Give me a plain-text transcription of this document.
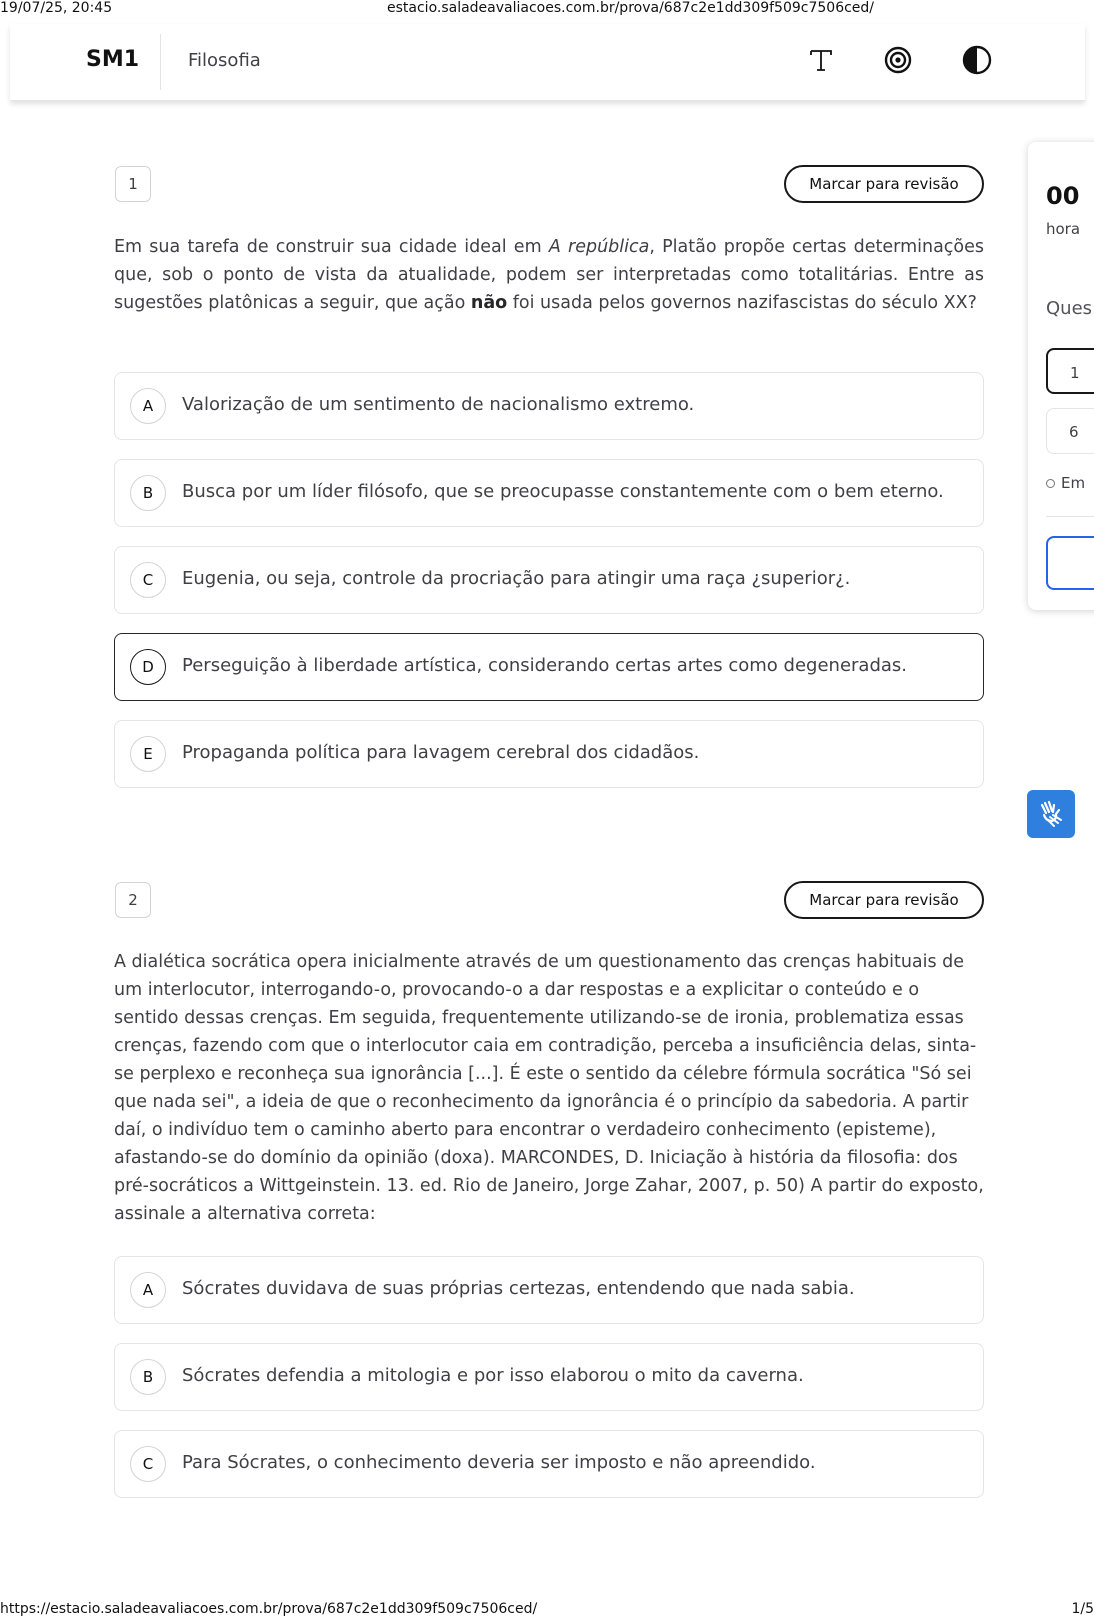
19/07/25, 20:45	estacio.saladeavaliacoes.com.br/prova/687c2e1dd309f509c7506ced/
SM1	Filosofia
00
hora
Ques
1
6
Em
1	Marcar para revisão
Em sua tarefa de construir sua cidade ideal em A república, Platão propõe certas determinações que, sob o ponto de vista da atualidade, podem ser interpretadas como totalitárias. Entre as sugestões platônicas a seguir, que ação não foi usada pelos governos nazifascistas do século XX?
A	Valorização de um sentimento de nacionalismo extremo.
B	Busca por um líder filósofo, que se preocupasse constantemente com o bem eterno.
C	Eugenia, ou seja, controle da procriação para atingir uma raça ¿superior¿.
D	Perseguição à liberdade artística, considerando certas artes como degeneradas.
E	Propaganda política para lavagem cerebral dos cidadãos.
2	Marcar para revisão
A dialética socrática opera inicialmente através de um questionamento das crenças habituais de um interlocutor, interrogando-o, provocando-o a dar respostas e a explicitar o conteúdo e o sentido dessas crenças. Em seguida, frequentemente utilizando-se de ironia, problematiza essas crenças, fazendo com que o interlocutor caia em contradição, perceba a insuficiência delas, sinta-se perplexo e reconheça sua ignorância [...]. É este o sentido da célebre fórmula socrática "Só sei que nada sei", a ideia de que o reconhecimento da ignorância é o princípio da sabedoria. A partir daí, o indivíduo tem o caminho aberto para encontrar o verdadeiro conhecimento (episteme), afastando-se do domínio da opinião (doxa). MARCONDES, D. Iniciação à história da filosofia: dos pré-socráticos a Wittgeinstein. 13. ed. Rio de Janeiro, Jorge Zahar, 2007, p. 50) A partir do exposto, assinale a alternativa correta:
A	Sócrates duvidava de suas próprias certezas, entendendo que nada sabia.
B	Sócrates defendia a mitologia e por isso elaborou o mito da caverna.
C	Para Sócrates, o conhecimento deveria ser imposto e não apreendido.
https://estacio.saladeavaliacoes.com.br/prova/687c2e1dd309f509c7506ced/	1/5
